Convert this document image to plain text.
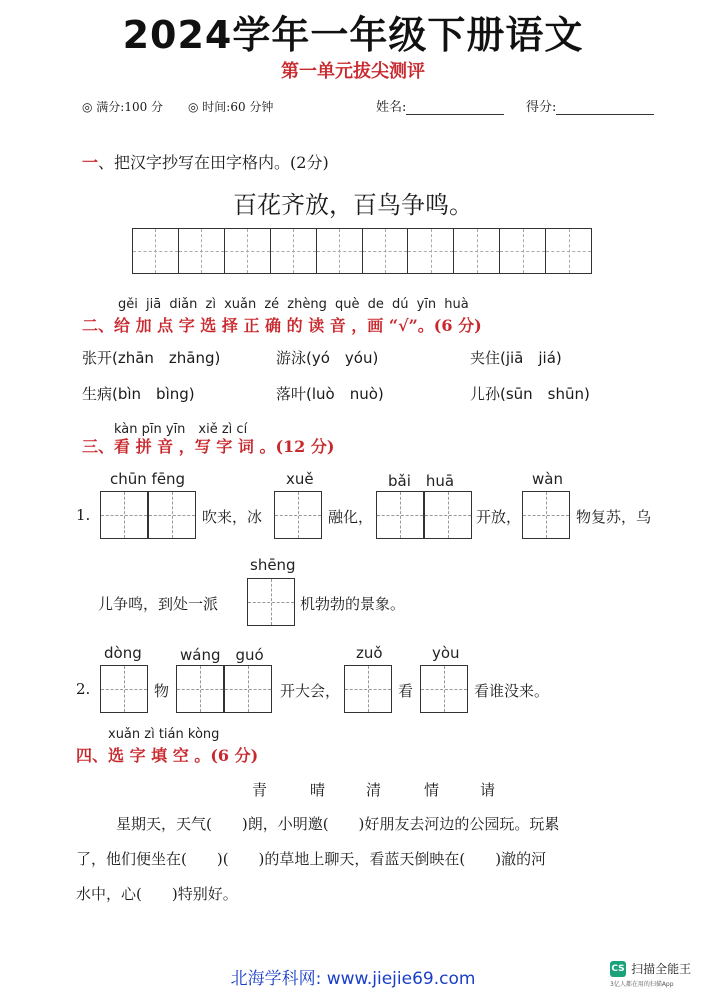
2024学年一年级下册语文
第一单元拔尖测评
◎ 满分:100 分 ◎ 时间:60 分钟	姓名:	得分:
一、把汉字抄写在田字格内。(2分)
百花齐放，百鸟争鸣。
gěi jiā diǎn zì xuǎn zé zhèng què de dú yīn huà
二、给 加 点 字 选 择 正 确 的 读 音 ，画 “√”。(6 分)
张开(zhān　zhāng)	游泳(yó　yóu)	夹住(jiā　jiá)
生病(bìn　bìng)	落叶(luò　nuò)	儿孙(sūn　shūn)
kàn pīn yīn　xiě zì cí
三、看 拼 音 ，写 字 词 。(12 分)
chūn fēng	xuě	bǎi　huā	wàn
1.	吹来，冰	融化，	开放，	物复苏，乌
shēng
儿争鸣，到处一派	机勃勃的景象。
dòng	wáng　guó	zuǒ	yòu
2.	物	开大会，	看	看谁没来。
xuǎn zì tián kòng
四、选 字 填 空 。(6 分)
青	晴	清	情	请
星期天，天气(　　)朗，小明邀(　　)好朋友去河边的公园玩。玩累
了，他们便坐在(　　)(　　)的草地上聊天，看蓝天倒映在(　　)澈的河
水中，心(　　)特别好。
北海学科网: www.jiejie69.com
CS 扫描全能王
3亿人都在用的扫描App
